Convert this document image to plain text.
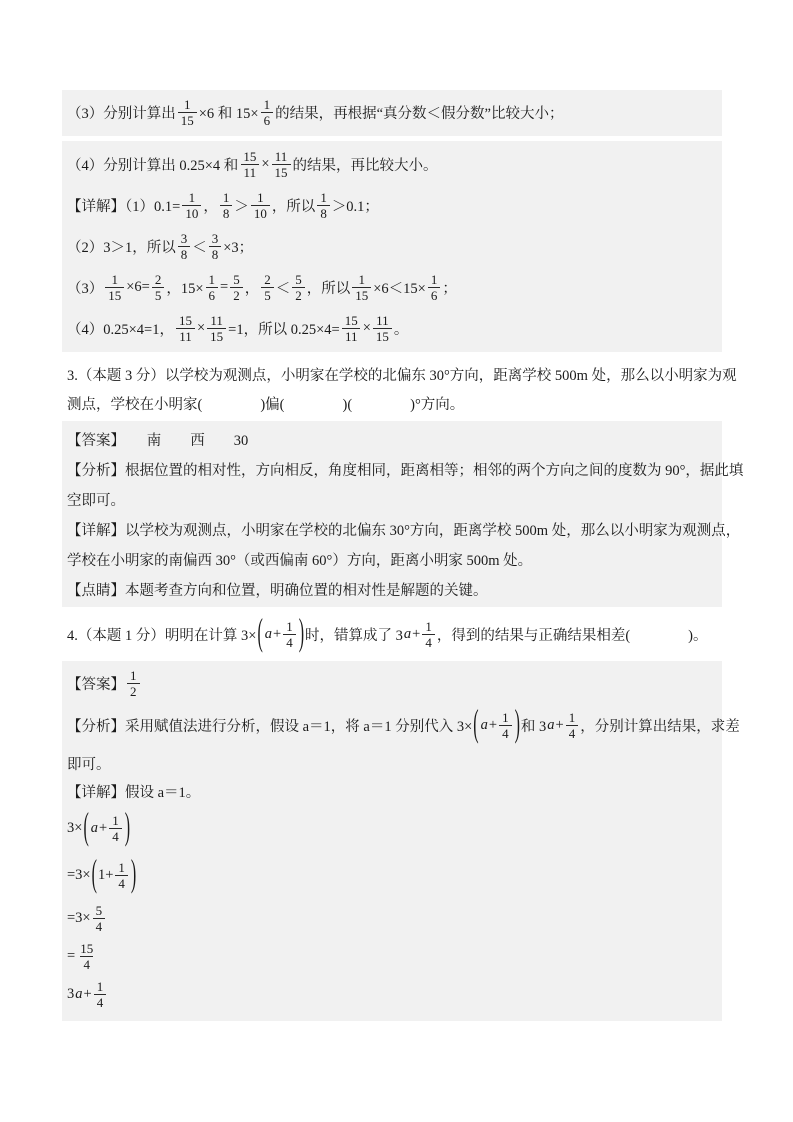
（3）分别计算出 $\frac{1}{15} \times 6$ 和 $15\times \frac{1}{6}$ 的结果，再根据“真分数＜假分数”比较大小；
（4）分别计算出 0.25×4 和 $\frac{15}{11} \times \frac{11}{15}$ 的结果，再比较大小。
【详解】$(1)0.1= \frac{1}{10}$ ， $\frac{1}{8} > \frac{1}{10}$ ，所以 $\frac{1}{8} >0.1$；
（2）3＞1，所以 $\frac{3}{8} < \frac{3}{8} \times 3$；
$(3) \frac{1}{15} \times 6= \frac{2}{5}$ ，$15\times \frac{1}{6} = \frac{5}{2}$ ， $\frac{2}{5} < \frac{5}{2}$ ，所以 $\frac{1}{15} \times 6<15\times \frac{1}{6}$ ；
（4）0.25×4=1， $\frac{15}{11} \times \frac{11}{15} =1$，所以 $0.25\times 4= \frac{15}{11} \times \frac{11}{15}$ 。
3.（本题 3 分）以学校为观测点，小明家在学校的北偏东 30°方向，距离学校 500m 处，那么以小明家为观
测点，学校在小明家(　　　　)偏(　　　　)(　　　　)°方向。
【答案】　　南　　西　　30
【分析】根据位置的相对性，方向相反，角度相同，距离相等；相邻的两个方向之间的度数为 90°，据此填
空即可。
【详解】以学校为观测点，小明家在学校的北偏东 30°方向，距离学校 500m 处，那么以小明家为观测点，
学校在小明家的南偏西 30°（或西偏南 60°）方向，距离小明家 500m 处。
【点睛】本题考查方向和位置，明确位置的相对性是解题的关键。
4.（本题 1 分）明明在计算 3× ( $a + \frac{1}{4}$ ) 时，错算成了 3 $a + \frac{1}{4}$ ，得到的结果与正确结果相差(　　　　)。
【答案】 $\frac{1}{2}$
【分析】采用赋值法进行分析，假设 a＝1，将 a＝1 分别代入 3× ( $a + \frac{1}{4}$ ) 和 3 $a + \frac{1}{4}$ ，分别计算出结果，求差
即可。
【详解】假设 a＝1。
3× ( $a + \frac{1}{4}$ )
=3× ( $1+ \frac{1}{4}$ )
$=3\times \frac{5}{4}$
= $\frac{15}{4}$
3 $a + \frac{1}{4}$
